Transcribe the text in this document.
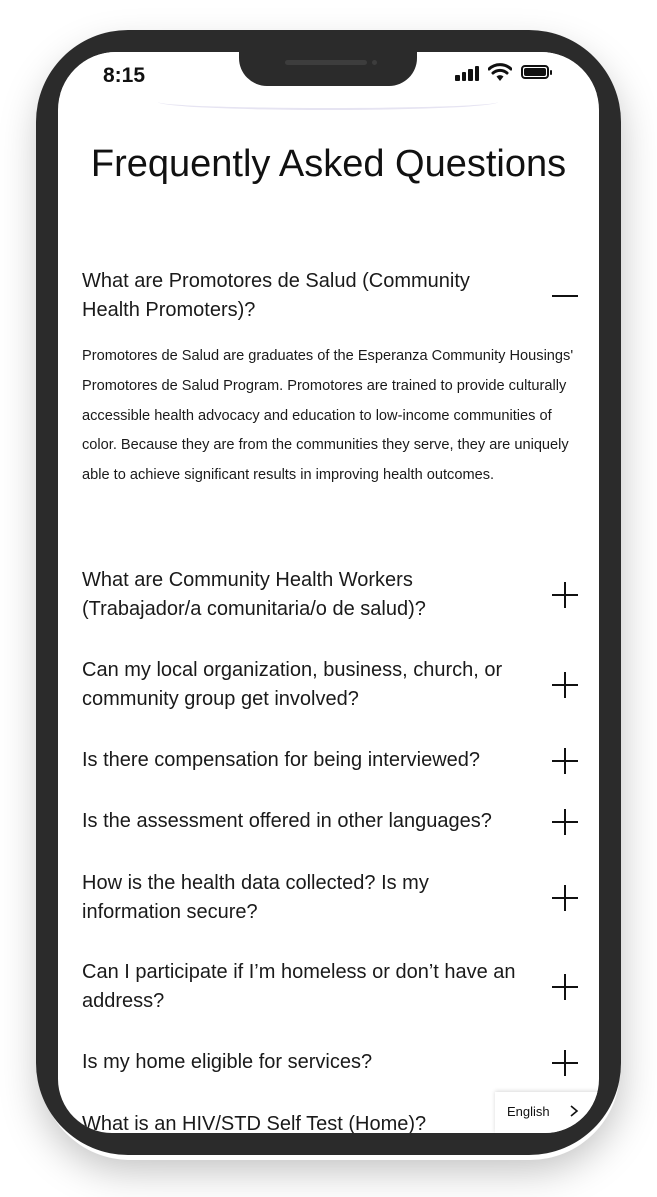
8:15
Frequently Asked Questions
What are Promotores de Salud (Community Health Promoters)?
Promotores de Salud are graduates of the Esperanza Community Housings' Promotores de Salud Program. Promotores are trained to provide culturally accessible health advocacy and education to low-income communities of color. Because they are from the communities they serve, they are uniquely able to achieve significant results in improving health outcomes.
What are Community Health Workers (Trabajador/a comunitaria/o de salud)?
Can my local organization, business, church, or community group get involved?
Is there compensation for being interviewed?
Is the assessment offered in other languages?
How is the health data collected? Is my information secure?
Can I participate if I’m homeless or don’t have an address?
Is my home eligible for services?
What is an HIV/STD Self Test (Home)?
English
